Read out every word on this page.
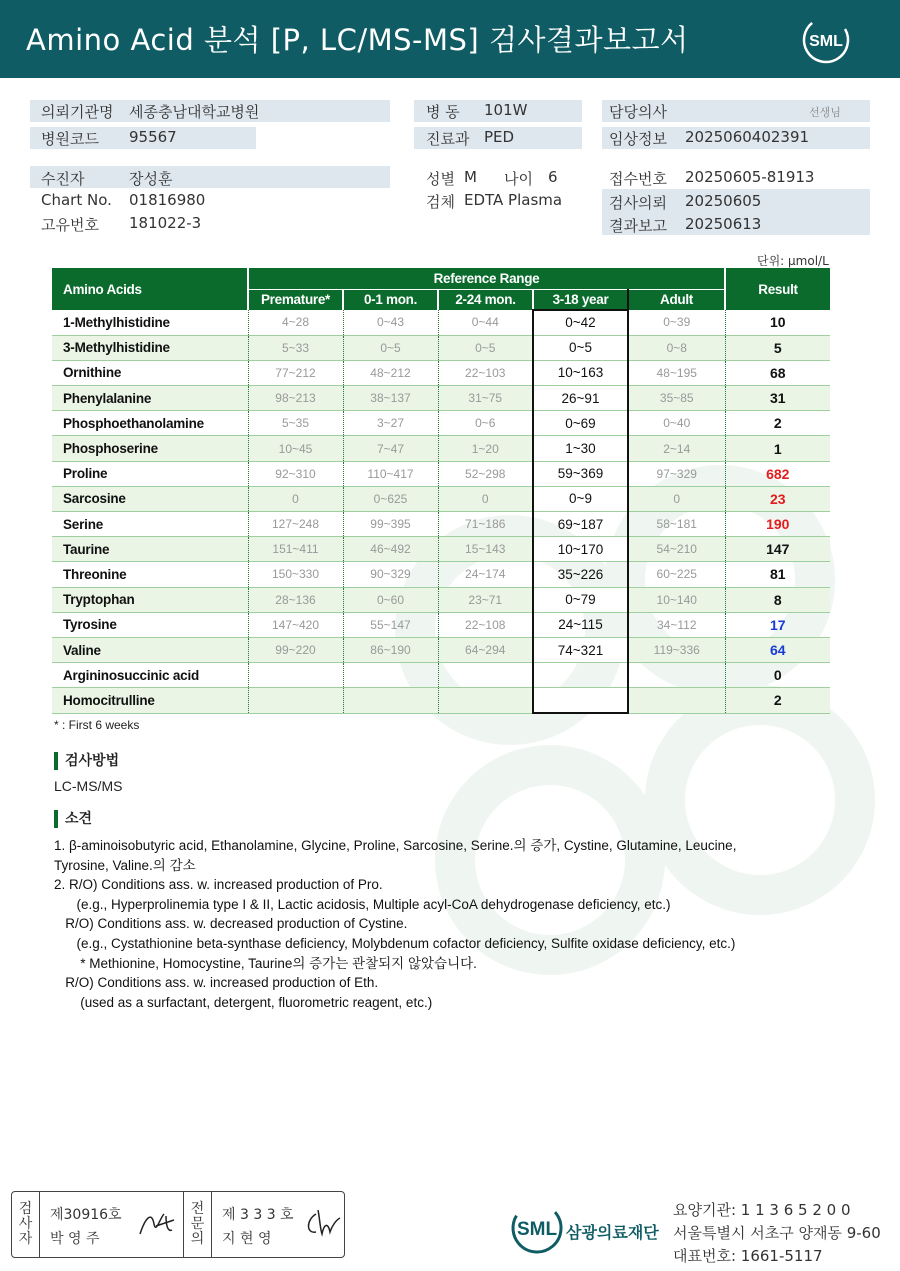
Amino Acid 분석 [P, LC/MS-MS] 검사결과보고서	SML
의뢰기관명 세종충남대학교병원
병원코드 95567
병 동 101W
진료과 PED
담당의사	선생님
임상정보 2025060402391
수진자	장성훈
Chart No. 01816980
고유번호 181022-3
성별 M 나이 6
검체 EDTA Plasma
접수번호 20250605-81913
검사의뢰 20250605
결과보고 20250613
단위: µmol/L
Amino Acids	Reference Range					Result
	Premature*	0-1 mon.	2-24 mon.	3-18 year	Adult	
1-Methylhistidine	4~28	0~43	0~44	0~42	0~39	10
3-Methylhistidine	5~33	0~5	0~5	0~5	0~8	5
Ornithine	77~212	48~212	22~103	10~163	48~195	68
Phenylalanine	98~213	38~137	31~75	26~91	35~85	31
Phosphoethanolamine	5~35	3~27	0~6	0~69	0~40	2
Phosphoserine	10~45	7~47	1~20	1~30	2~14	1
Proline	92~310	110~417	52~298	59~369	97~329	682
Sarcosine	0	0~625	0	0~9	0	23
Serine	127~248	99~395	71~186	69~187	58~181	190
Taurine	151~411	46~492	15~143	10~170	54~210	147
Threonine	150~330	90~329	24~174	35~226	60~225	81
Tryptophan	28~136	0~60	23~71	0~79	10~140	8
Tyrosine	147~420	55~147	22~108	24~115	34~112	17
Valine	99~220	86~190	64~294	74~321	119~336	64
Argininosuccinic acid						0
Homocitrulline						2
* : First 6 weeks
검사방법
LC-MS/MS
소견
1. β-aminoisobutyric acid, Ethanolamine, Glycine, Proline, Sarcosine, Serine.의 증가, Cystine, Glutamine, Leucine,
Tyrosine, Valine.의 감소
2. R/O) Conditions ass. w. increased production of Pro.
(e.g., Hyperprolinemia type I & II, Lactic acidosis, Multiple acyl-CoA dehydrogenase deficiency, etc.)
R/O) Conditions ass. w. decreased production of Cystine.
(e.g., Cystathionine beta-synthase deficiency, Molybdenum cofactor deficiency, Sulfite oxidase deficiency, etc.)
* Methionine, Homocystine, Taurine의 증가는 관찰되지 않았습니다.
R/O) Conditions ass. w. increased production of Eth.
(used as a surfactant, detergent, fluorometric reagent, etc.)
검
사
자
제30916호
박 영 주
전
문
의
제 3 3 3 호
지 현 영	SML 삼광의료재단
요양기관: 1 1 3 6 5 2 0 0
서울특별시 서초구 양재동 9-60
대표번호: 1661-5117
